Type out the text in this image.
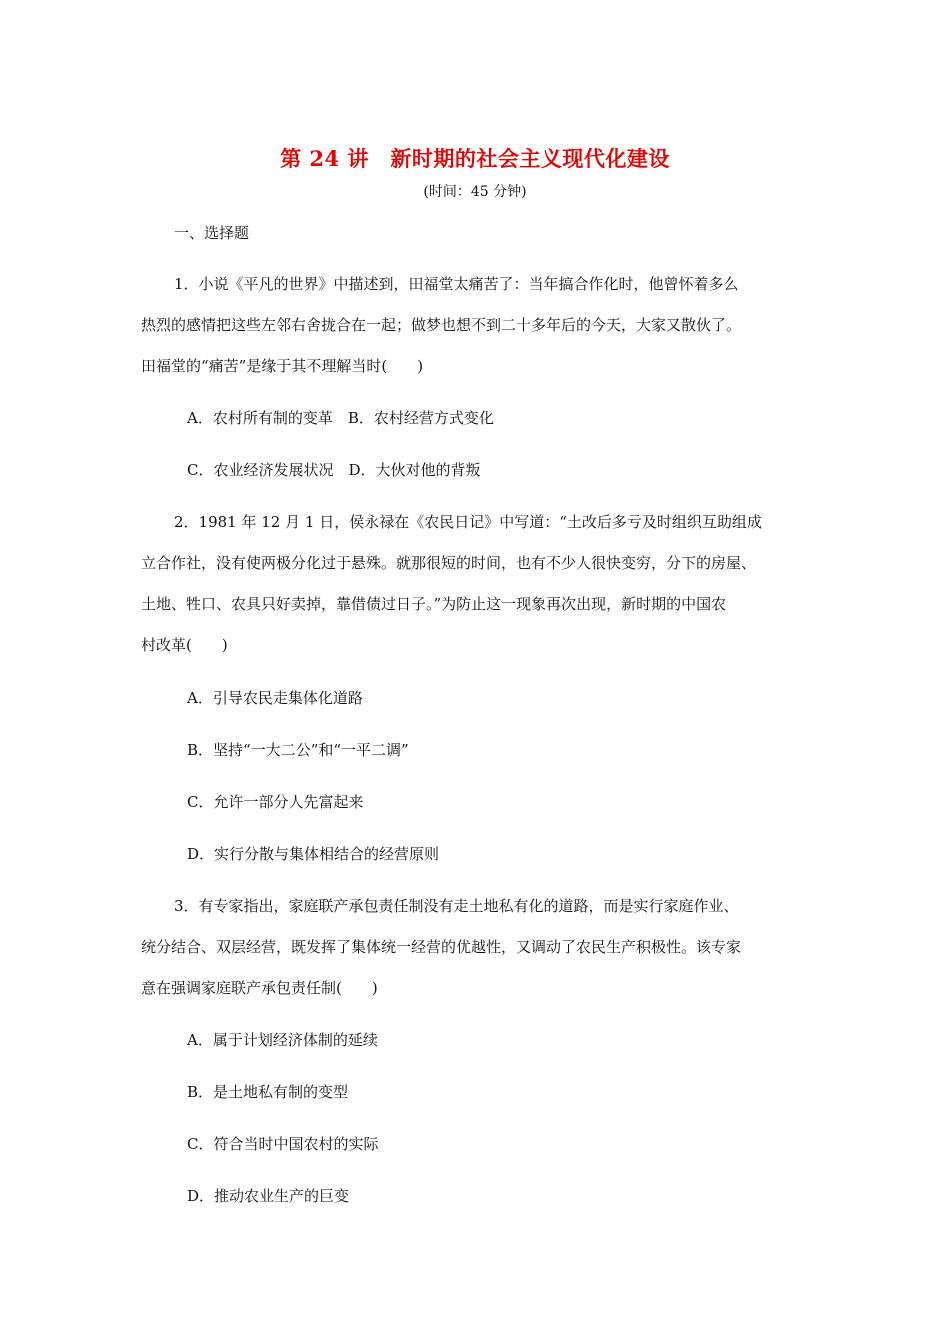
第 24 讲　新时期的社会主义现代化建设
(时间：45 分钟)
一、选择题
1．小说《平凡的世界》中描述到，田福堂太痛苦了：当年搞合作化时，他曾怀着多么
热烈的感情把这些左邻右舍拢合在一起；做梦也想不到二十多年后的今天，大家又散伙了。
田福堂的“痛苦”是缘于其不理解当时(　　)
A．农村所有制的变革　B．农村经营方式变化
C．农业经济发展状况　D．大伙对他的背叛
2．1981 年 12 月 1 日，侯永禄在《农民日记》中写道：“土改后多亏及时组织互助组成
立合作社，没有使两极分化过于悬殊。就那很短的时间，也有不少人很快变穷，分下的房屋、
土地、牲口、农具只好卖掉，靠借债过日子。”为防止这一现象再次出现，新时期的中国农
村改革(　　)
A．引导农民走集体化道路
B．坚持“一大二公”和“一平二调”
C．允许一部分人先富起来
D．实行分散与集体相结合的经营原则
3．有专家指出，家庭联产承包责任制没有走土地私有化的道路，而是实行家庭作业、
统分结合、双层经营，既发挥了集体统一经营的优越性，又调动了农民生产积极性。该专家
意在强调家庭联产承包责任制(　　)
A．属于计划经济体制的延续
B．是土地私有制的变型
C．符合当时中国农村的实际
D．推动农业生产的巨变
